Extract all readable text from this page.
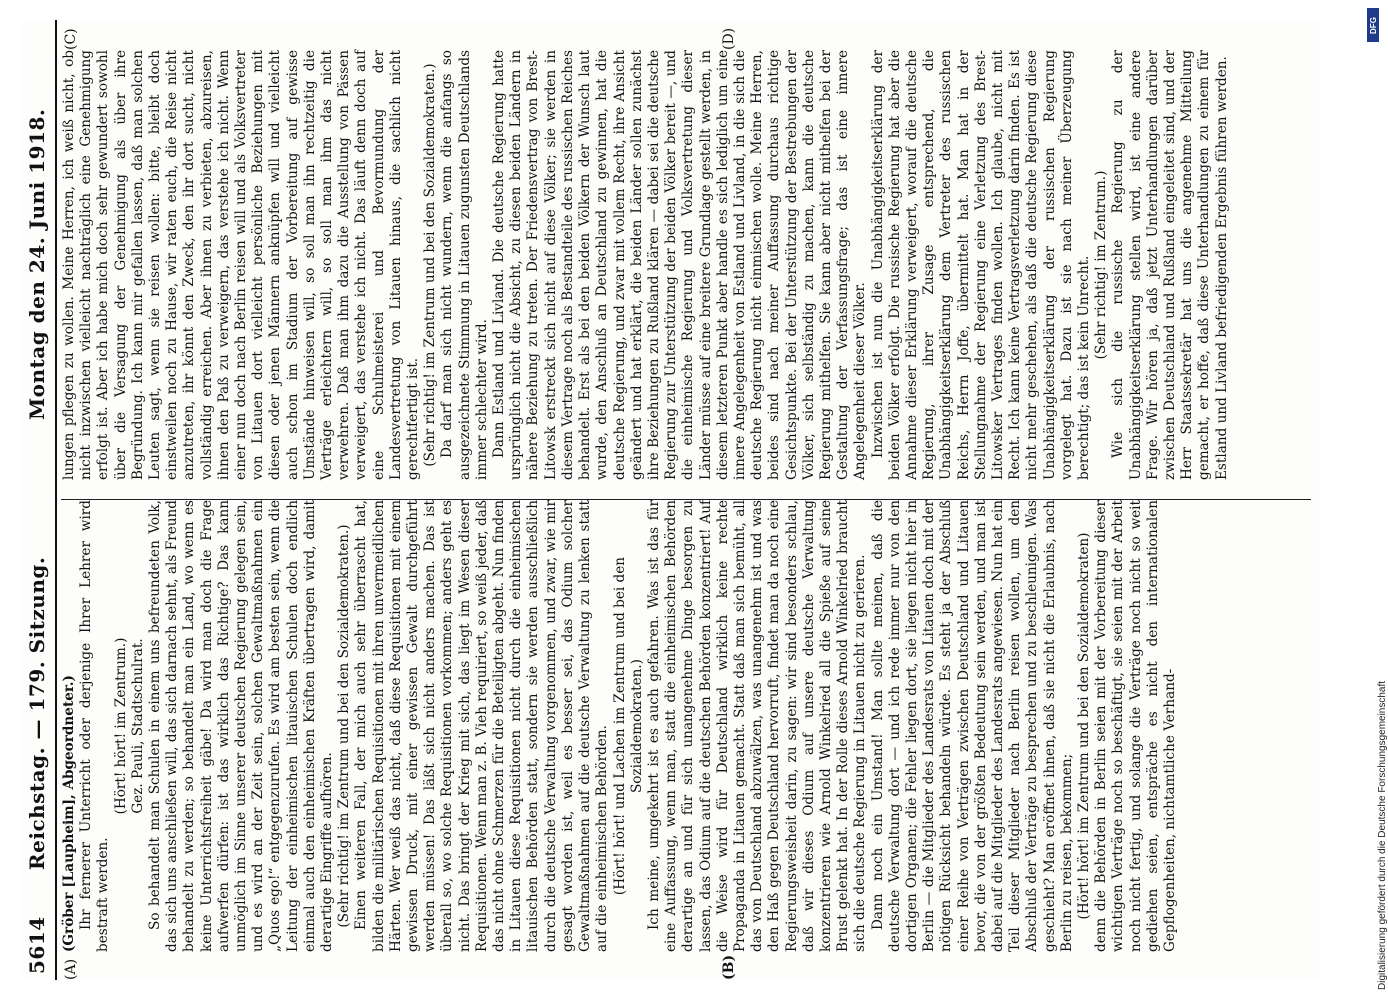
5614
Reichstag. — 179. Sitzung.
Montag den 24. Juni 1918.
(A)	(B)
(C)	(D)

(Gröber [Laupheim], Abgeordneter.) Ihr fernerer Unterricht oder derjenige Ihrer Lehrer wird bestraft werden.

(Hört! hört! im Zentrum.) Gez. Pauli, Stadtschulrat. So behandelt man Schulen in einem uns befreundeten Volk, das sich uns anschließen will, das sich darnach sehnt, als Freund behandelt zu werden; so behandelt man ein Land, wo wenn es keine Unterrichtsfreiheit gäbe! Da wird man doch die Frage aufwerfen dürfen: ist das wirklich das Richtige? Das kann unmöglich im Sinne unserer deutschen Regierung gelegen sein, und es wird an der Zeit sein, solchen Gewaltmaßnahmen ein „Quos ego!“ entgegenzurufen. Es wird am besten sein, wenn die Leitung der einheimischen litauischen Schulen doch endlich einmal auch den einheimischen Kräften übertragen wird, damit derartige Eingriffe aufhören. (Sehr richtig! im Zentrum und bei den Sozialdemokraten.) Einen weiteren Fall, der mich auch sehr überrascht hat, bilden die militärischen Requisitionen mit ihren unvermeidlichen Härten. Wer weiß das nicht, daß diese Requisitionen mit einem gewissen Druck, mit einer gewissen Gewalt durchgeführt werden müssen! Das läßt sich nicht anders machen. Das ist überall so, wo solche Requisitionen vorkommen; anders geht es nicht. Das bringt der Krieg mit sich, das liegt im Wesen dieser Requisitionen. Wenn man z. B. Vieh requiriert, so weiß jeder, daß das nicht ohne Schmerzen für die Beteiligten abgeht. Nun finden in Litauen diese Requisitionen nicht durch die einheimischen litauischen Behörden statt, sondern sie werden ausschließlich durch die deutsche Verwaltung vorgenommen, und zwar, wie mir gesagt worden ist, weil es besser sei, das Odium solcher Gewaltmaßnahmen auf die deutsche Verwaltung zu lenken statt auf die einheimischen Behörden. (Hört! hört! und Lachen im Zentrum und bei den Sozialdemokraten.) Ich meine, umgekehrt ist es auch gefahren. Was ist das für eine Auffassung, wenn man, statt die einheimischen Behörden derartige an und für sich unangenehme Dinge besorgen zu lassen, das Odium auf die deutschen Behörden konzentriert! Auf die Weise wird für Deutschland wirklich keine rechte Propaganda in Litauen gemacht. Statt daß man sich bemüht, all das von Deutschland abzuwälzen, was unangenehm ist und was den Haß gegen Deutschland hervorruft, findet man da noch eine Regierungsweisheit darin, zu sagen: wir sind besonders schlau, daß wir dieses Odium auf unsere deutsche Verwaltung konzentrieren wie Arnold Winkelried all die Spieße auf seine Brust gelenkt hat. In der Rolle dieses Arnold Winkelried braucht sich die deutsche Regierung in Litauen nicht zu gerieren. Dann noch ein Umstand! Man sollte meinen, daß die deutsche Verwaltung dort — und ich rede immer nur von den dortigen Organen; die Fehler liegen dort, sie liegen nicht hier in Berlin — die Mitglieder des Landesrats von Litauen doch mit der nötigen Rücksicht behandeln würde. Es steht ja der Abschluß einer Reihe von Verträgen zwischen Deutschland und Litauen bevor, die von der größten Bedeutung sein werden, und man ist dabei auf die Mitglieder des Landesrats angewiesen. Nun hat ein Teil dieser Mitglieder nach Berlin reisen wollen, um den Abschluß der Verträge zu besprechen und zu beschleunigen. Was geschieht? Man eröffnet ihnen, daß sie nicht die Erlaubnis, nach Berlin zu reisen, bekommen; (Hört! hört! im Zentrum und bei den Sozialdemokraten) denn die Behörden in Berlin seien mit der Vorbereitung dieser wichtigen Verträge noch so beschäftigt, sie seien mit der Arbeit noch nicht fertig, und solange die Verträge noch nicht so weit gediehen seien, entspräche es nicht den internationalen Gepflogenheiten, nichtamtliche Verhand-

lungen pflegen zu wollen. Meine Herren, ich weiß nicht, ob nicht inzwischen vielleicht nachträglich eine Genehmigung erfolgt ist. Aber ich habe mich doch sehr gewundert sowohl über die Versagung der Genehmigung als über ihre Begründung. Ich kann mir gefallen lassen, daß man solchen Leuten sagt, wenn sie reisen wollen: bitte, bleibt doch einstweilen noch zu Hause, wir raten euch, die Reise nicht anzutreten, ihr könnt den Zweck, den ihr dort sucht, nicht vollständig erreichen. Aber ihnen zu verbieten, abzureisen, ihnen den Paß zu verweigern, das verstehe ich nicht. Wenn einer nun doch nach Berlin reisen will und als Volksvertreter von Litauen dort vielleicht persönliche Beziehungen mit diesen oder jenen Männern anknüpfen will und vielleicht auch schon im Stadium der Vorbereitung auf gewisse Umstände hinweisen will, so soll man ihn rechtzeitig die Verträge erleichtern will, so soll man ihm das nicht verwehren. Daß man ihm dazu die Ausstellung von Pässen verweigert, das verstehe ich nicht. Das läuft denn doch auf eine Schulmeisterei und Bevormundung der Landesvertretung von Litauen hinaus, die sachlich nicht gerechtfertigt ist. (Sehr richtig! im Zentrum und bei den Sozialdemokraten.) Da darf man sich nicht wundern, wenn die anfangs so ausgezeichnete Stimmung in Litauen zugunsten Deutschlands immer schlechter wird. Dann Estland und Livland. Die deutsche Regierung hatte ursprünglich nicht die Absicht, zu diesen beiden Ländern in nähere Beziehung zu treten. Der Friedensvertrag von Brest-Litowsk erstreckt sich nicht auf diese Völker; sie werden in diesem Vertrage noch als Bestandteile des russischen Reiches behandelt. Erst als bei den beiden Völkern der Wunsch laut wurde, den Anschluß an Deutschland zu gewinnen, hat die deutsche Regierung, und zwar mit vollem Recht, ihre Ansicht geändert und hat erklärt, die beiden Länder sollen zunächst ihre Beziehungen zu Rußland klären — dabei sei die deutsche Regierung zur Unterstützung der beiden Völker bereit —, und die einheimische Regierung und Volksvertretung dieser Länder müsse auf eine breitere Grundlage gestellt werden, in diesem letzteren Punkt aber handle es sich lediglich um eine innere Angelegenheit von Estland und Livland, in die sich die deutsche Regierung nicht einmischen wolle. Meine Herren, beides sind nach meiner Auffassung durchaus richtige Gesichtspunkte. Bei der Unterstützung der Bestrebungen der Völker, sich selbständig zu machen, kann die deutsche Regierung mithelfen. Sie kann aber nicht mithelfen bei der Gestaltung der Verfassungsfrage; das ist eine innere Angelegenheit dieser Völker. Inzwischen ist nun die Unabhängigkeitserklärung der beiden Völker erfolgt. Die russische Regierung hat aber die Annahme dieser Erklärung verweigert, worauf die deutsche Regierung, ihrer Zusage entsprechend, die Unabhängigkeitserklärung dem Vertreter des russischen Reichs, Herrn Joffe, übermittelt hat. Man hat in der Stellungnahme der Regierung eine Verletzung des Brest-Litowsker Vertrages finden wollen. Ich glaube, nicht mit Recht. Ich kann keine Vertragsverletzung darin finden. Es ist nicht mehr geschehen, als daß die deutsche Regierung diese Unabhängigkeitserklärung der russischen Regierung vorgelegt hat. Dazu ist sie nach meiner Überzeugung berechtigt; das ist kein Unrecht. (Sehr richtig! im Zentrum.) Wie sich die russische Regierung zu der Unabhängigkeitserklärung stellen wird, ist eine andere Frage. Wir hören ja, daß jetzt Unterhandlungen darüber zwischen Deutschland und Rußland eingeleitet sind, und der Herr Staatssekretär hat uns die angenehme Mitteilung gemacht, er hoffe, daß diese Unterhandlungen zu einem für Estland und Livland befriedigenden Ergebnis führen werden.

DFG
Digitalisierung gefördert durch die Deutsche Forschungsgemeinschaft
